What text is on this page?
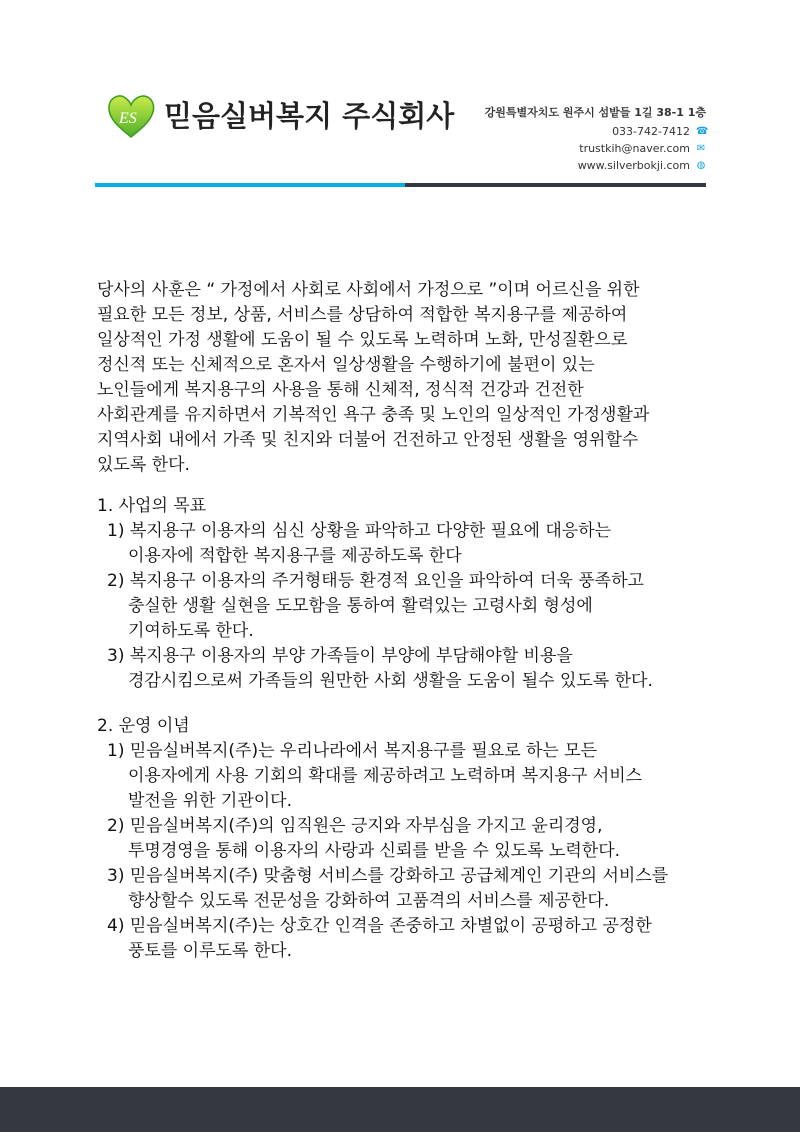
ES 믿음실버복지 주식회사	강원특별자치도 원주시 섬밭들 1길 38-1 1층
033-742-7412 ☎
trustkih@naver.com ✉
www.silverbokji.com ◍
당사의 사훈은 “ 가정에서 사회로 사회에서 가정으로 ”이며 어르신을 위한
필요한 모든 정보, 상품, 서비스를 상담하여 적합한 복지용구를 제공하여
일상적인 가정 생활에 도움이 될 수 있도록 노력하며 노화, 만성질환으로
정신적 또는 신체적으로 혼자서 일상생활을 수행하기에 불편이 있는
노인들에게 복지용구의 사용을 통해 신체적, 정식적 건강과 건전한
사회관계를 유지하면서 기복적인 욕구 충족 및 노인의 일상적인 가정생활과
지역사회 내에서 가족 및 친지와 더불어 건전하고 안정된 생활을 영위할수
있도록 한다.
1. 사업의 목표
1) 복지용구 이용자의 심신 상황을 파악하고 다양한 필요에 대응하는
이용자에 적합한 복지용구를 제공하도록 한다
2) 복지용구 이용자의 주거형태등 환경적 요인을 파악하여 더욱 풍족하고
충실한 생활 실현을 도모함을 통하여 활력있는 고령사회 형성에
기여하도록 한다.
3) 복지용구 이용자의 부양 가족들이 부양에 부담해야할 비용을
경감시킴으로써 가족들의 원만한 사회 생활을 도움이 될수 있도록 한다.
2. 운영 이념
1) 믿음실버복지(주)는 우리나라에서 복지용구를 필요로 하는 모든
이용자에게 사용 기회의 확대를 제공하려고 노력하며 복지용구 서비스
발전을 위한 기관이다.
2) 믿음실버복지(주)의 임직원은 긍지와 자부심을 가지고 윤리경영,
투명경영을 통해 이용자의 사랑과 신뢰를 받을 수 있도록 노력한다.
3) 믿음실버복지(주) 맞춤형 서비스를 강화하고 공급체계인 기관의 서비스를
향상할수 있도록 전문성을 강화하여 고품격의 서비스를 제공한다.
4) 믿음실버복지(주)는 상호간 인격을 존중하고 차별없이 공평하고 공정한
풍토를 이루도록 한다.
